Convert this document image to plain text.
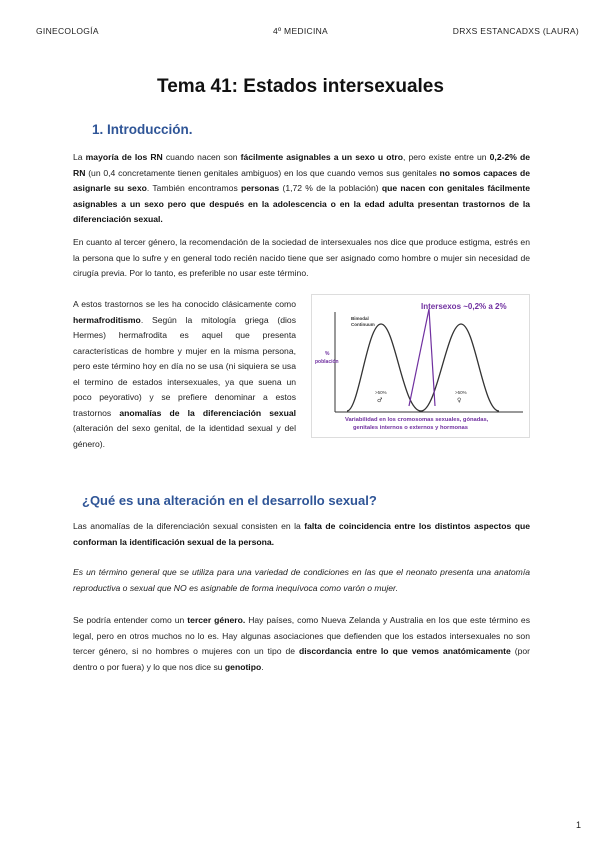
GINECOLOGÍA	4º MEDICINA	DRXS ESTANCADXS (LAURA)
Tema 41: Estados intersexuales
1. Introducción.

La mayoría de los RN cuando nacen son fácilmente asignables a un sexo u otro, pero existe entre un 0,2-2% de RN (un 0,4 concretamente tienen genitales ambiguos) en los que cuando vemos sus genitales no somos capaces de asignarle su sexo. También encontramos personas (1,72 % de la población) que nacen con genitales fácilmente asignables a un sexo pero que después en la adolescencia o en la edad adulta presentan trastornos de la diferenciación sexual.

En cuanto al tercer género, la recomendación de la sociedad de intersexuales nos dice que produce estigma, estrés en la persona que lo sufre y en general todo recién nacido tiene que ser asignado como hombre o mujer sin necesidad de cirugía previa. Por lo tanto, es preferible no usar este término.

A estos trastornos se les ha conocido clásicamente como hermafroditismo. Según la mitología griega (dios Hermes) hermafrodita es aquel que presenta características de hombre y mujer en la misma persona, pero este término hoy en día no se usa (ni siquiera se usa el termino de estados intersexuales, ya que suena un poco peyorativo) y se prefiere denominar a estos trastornos anomalías de la diferenciación sexual (alteración del sexo genital, de la identidad sexual y del género).

Intersexos ~0,2% a 2%
Bimodal
Continuum
%
población
>50%
♂
>50%
♀
Variabilidad en los cromosomas sexuales, gónadas,
genitales internos o externos y hormonas
¿Qué es una alteración en el desarrollo sexual?

Las anomalías de la diferenciación sexual consisten en la falta de coincidencia entre los distintos aspectos que conforman la identificación sexual de la persona.

Es un término general que se utiliza para una variedad de condiciones en las que el neonato presenta una anatomía reproductiva o sexual que NO es asignable de forma inequívoca como varón o mujer.

Se podría entender como un tercer género. Hay países, como Nueva Zelanda y Australia en los que este término es legal, pero en otros muchos no lo es. Hay algunas asociaciones que defienden que los estados intersexuales no son tercer género, si no hombres o mujeres con un tipo de discordancia entre lo que vemos anatómicamente (por dentro o por fuera) y lo que nos dice su genotipo.

1
